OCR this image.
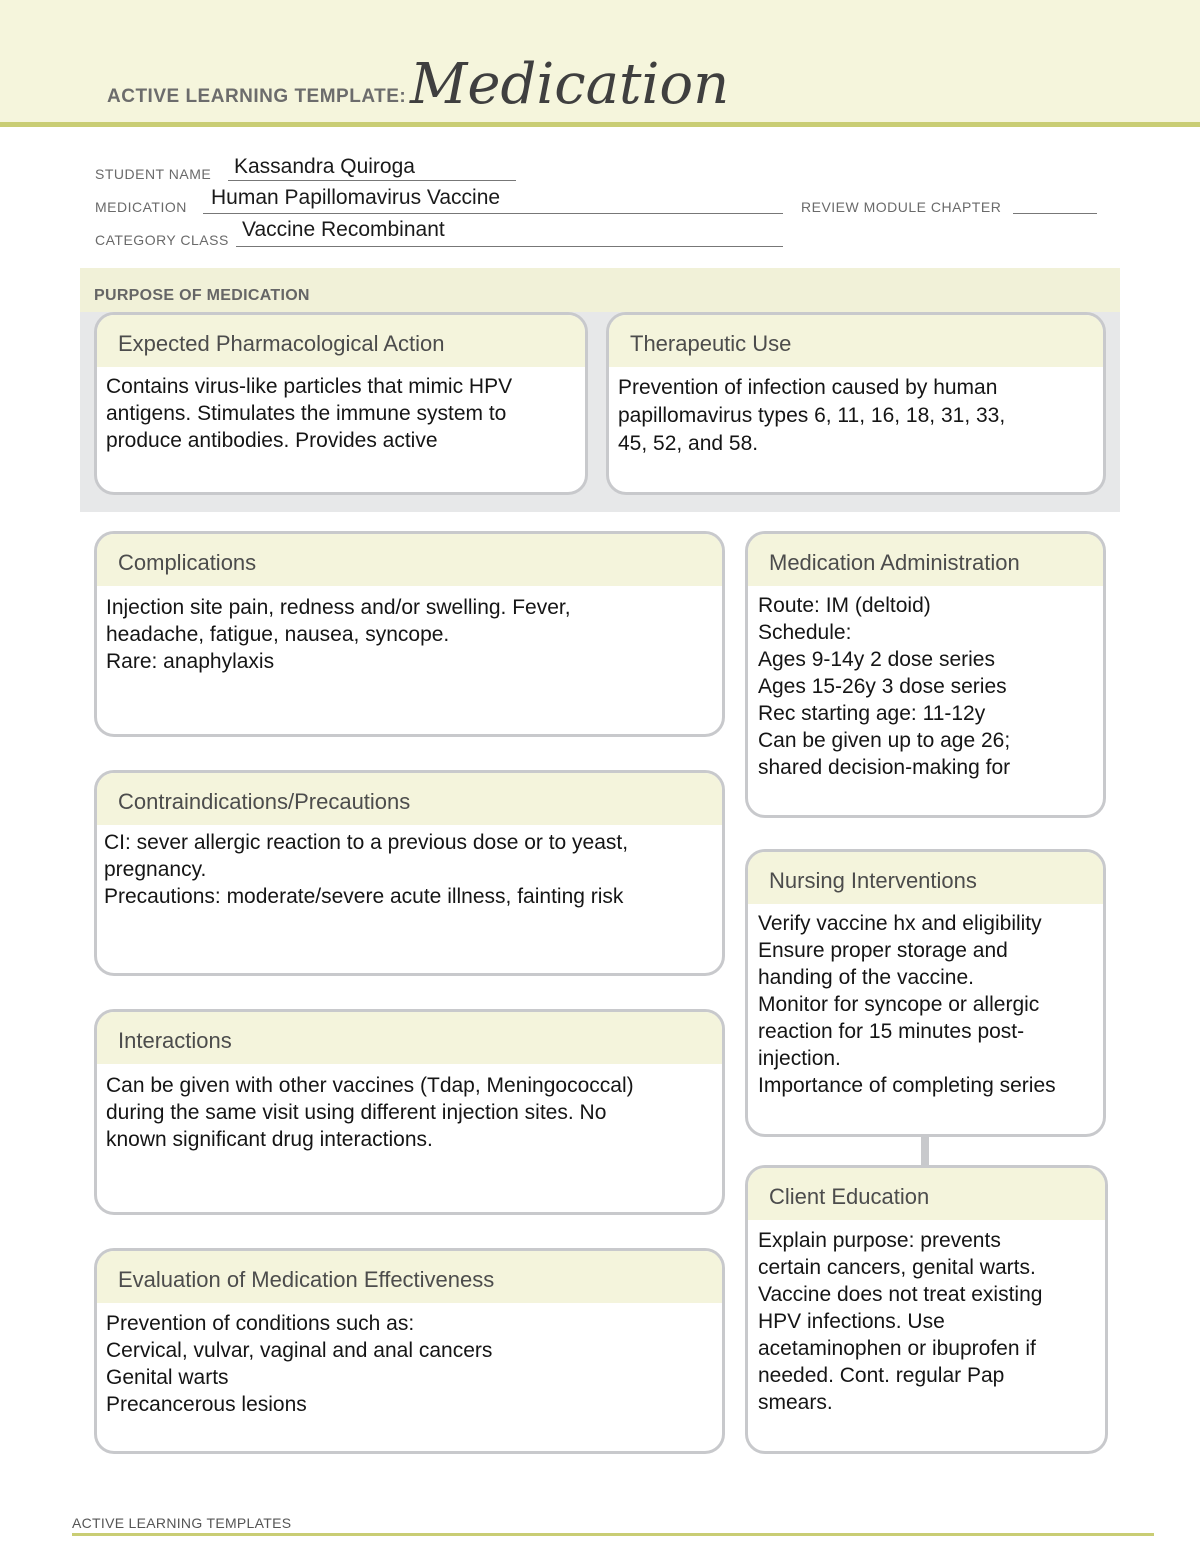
ACTIVE LEARNING TEMPLATE: Medication
STUDENT NAME Kassandra Quiroga
MEDICATION Human Papillomavirus Vaccine	REVIEW MODULE CHAPTER
CATEGORY CLASS Vaccine Recombinant
PURPOSE OF MEDICATION
Expected Pharmacological Action
Contains virus-like particles that mimic HPV
antigens. Stimulates the immune system to
produce antibodies. Provides active
Therapeutic Use
Prevention of infection caused by human
papillomavirus types 6, 11, 16, 18, 31, 33,
45, 52, and 58.
Complications
Injection site pain, redness and/or swelling. Fever,
headache, fatigue, nausea, syncope.
Rare: anaphylaxis
Contraindications/Precautions
CI: sever allergic reaction to a previous dose or to yeast,
pregnancy.
Precautions: moderate/severe acute illness, fainting risk
Interactions
Can be given with other vaccines (Tdap, Meningococcal)
during the same visit using different injection sites. No
known significant drug interactions.
Evaluation of Medication Effectiveness
Prevention of conditions such as:
Cervical, vulvar, vaginal and anal cancers
Genital warts
Precancerous lesions
Medication Administration
Route: IM (deltoid)
Schedule:
Ages 9-14y 2 dose series
Ages 15-26y 3 dose series
Rec starting age: 11-12y
Can be given up to age 26;
shared decision-making for
Nursing Interventions
Verify vaccine hx and eligibility
Ensure proper storage and
handing of the vaccine.
Monitor for syncope or allergic
reaction for 15 minutes post-
injection.
Importance of completing series
Client Education
Explain purpose: prevents
certain cancers, genital warts.
Vaccine does not treat existing
HPV infections. Use
acetaminophen or ibuprofen if
needed. Cont. regular Pap
smears.
ACTIVE LEARNING TEMPLATES
